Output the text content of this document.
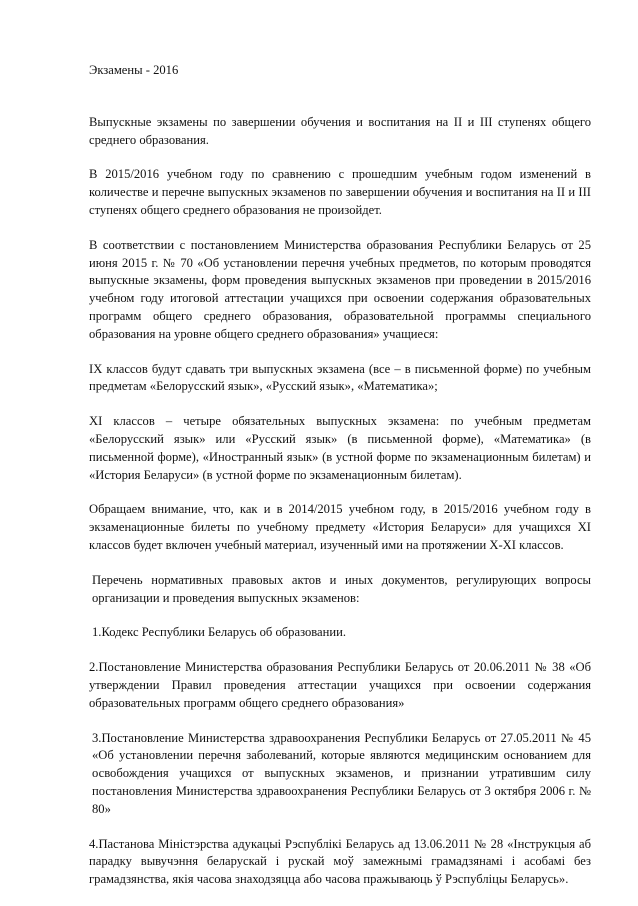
Экзамены - 2016

Выпускные экзамены по завершении обучения и воспитания на II и III ступенях общего среднего образования.

В 2015/2016 учебном году по сравнению с прошедшим учебным годом изменений в количестве и перечне выпускных экзаменов по завершении обучения и воспитания на II и III ступенях общего среднего образования не произойдет.

В соответствии с постановлением Министерства образования Республики Беларусь от 25 июня 2015 г. № 70 «Об установлении перечня учебных предметов, по которым проводятся выпускные экзамены, форм проведения выпускных экзаменов при проведении в 2015/2016 учебном году итоговой аттестации учащихся при освоении содержания образовательных программ общего среднего образования, образовательной программы специального образования на уровне общего среднего образования» учащиеся:

IX классов будут сдавать три выпускных экзамена (все – в письменной форме) по учебным предметам «Белорусский язык», «Русский язык», «Математика»;

XI классов – четыре обязательных выпускных экзамена: по учебным предметам «Белорусский язык» или «Русский язык» (в письменной форме), «Математика» (в письменной форме), «Иностранный язык» (в устной форме по экзаменационным билетам) и «История Беларуси» (в устной форме по экзаменационным билетам).

Обращаем внимание, что, как и в 2014/2015 учебном году, в 2015/2016 учебном году в экзаменационные билеты по учебному предмету «История Беларуси» для учащихся XI классов будет включен учебный материал, изученный ими на протяжении X-XI классов.

Перечень нормативных правовых актов и иных документов, регулирующих вопросы организации и проведения выпускных экзаменов:

1.Кодекс Республики Беларусь об образовании.

2.Постановление Министерства образования Республики Беларусь от 20.06.2011 № 38 «Об утверждении Правил проведения аттестации учащихся при освоении содержания образовательных программ общего среднего образования»

3.Постановление Министерства здравоохранения Республики Беларусь от 27.05.2011 № 45 «Об установлении перечня заболеваний, которые являются медицинским основанием для освобождения учащихся от выпускных экзаменов, и признании утратившим силу постановления Министерства здравоохранения Республики Беларусь от 3 октября 2006 г. № 80»

4.Пастанова Міністэрства адукацыі Рэспублікі Беларусь ад 13.06.2011 № 28 «Інструкцыя аб парадку вывучэння беларускай і рускай моў замежнымі грамадзянамі і асобамі без грамадзянства, якія часова знаходзяцца або часова пражываюць ў Рэспубліцы Беларусь».
